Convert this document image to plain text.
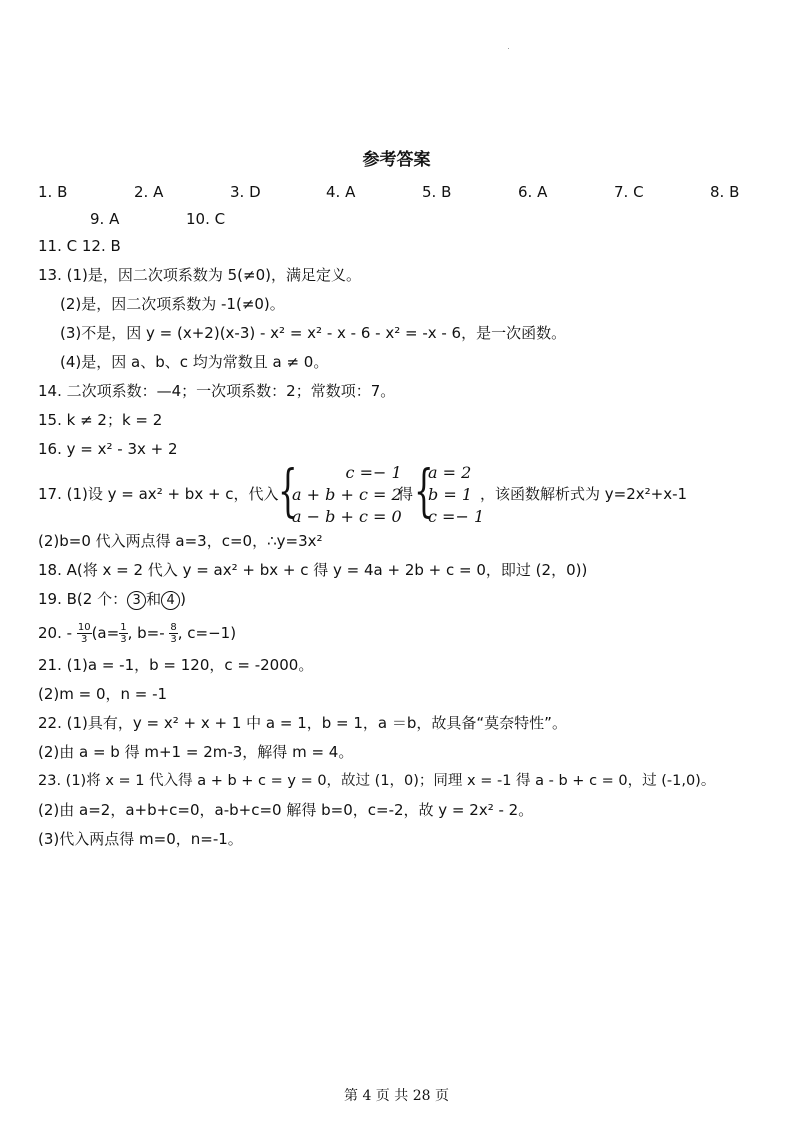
参考答案
1. B	2. A	3. D	4. A	5. B	6. A	7. C	8. B
9. A	10. C
11. C 12. B
13. (1)是，因二次项系数为 5(≠0)，满足定义。
(2)是，因二次项系数为 -1(≠0)。
(3)不是，因 y = (x+2)(x-3) - x² = x² - x - 6 - x² = -x - 6，是一次函数。
(4)是，因 a、b、c 均为常数且 a ≠ 0。
14. 二次项系数：—4；一次项系数：2；常数项：7。
15. k ≠ 2；k = 2
16. y = x² - 3x + 2
17. (1)设 y = ax² + bx + c，代入 {	c =− 1
a + b + c = 2
a − b + c = 0
得 {
a = 2
b = 1
c =− 1
，该函数解析式为 y=2x²+x-1
(2)b=0 代入两点得 a=3，c=0，∴y=3x²
18. A(将 x = 2 代入 y = ax² + bx + c 得 y = 4a + 2b + c = 0，即过 (2，0))
19. B(2 个： 3 和 4 )
20. - $\frac{10}{3} (a= \frac{1}{3}$ , $b=- \frac{8}{3}$ , c=−1)
21. (1)a = -1，b = 120，c = -2000。
(2)m = 0，n = -1
22. (1)具有，y = x² + x + 1 中 a = 1，b = 1，a ＝b，故具备“莫奈特性”。
(2)由 a = b 得 m+1 = 2m-3，解得 m = 4。
23. (1)将 x = 1 代入得 a + b + c = y = 0，故过 (1，0)；同理 x = -1 得 a - b + c = 0，过 (-1,0)。
(2)由 a=2，a+b+c=0，a-b+c=0 解得 b=0，c=-2，故 y = 2x² - 2。
(3)代入两点得 m=0，n=-1。
第 4 页 共 28 页
